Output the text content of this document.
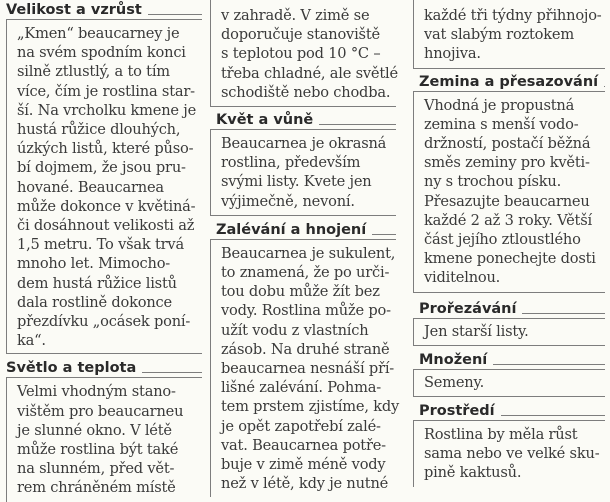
Velikost a vzrůst
„Kmen“ beaucarney je
na svém spodním konci
silně ztlustlý, a to tím
více, čím je rostlina star-
ší. Na vrcholku kmene je
hustá růžice dlouhých,
úzkých listů, které půso-
bí dojmem, že jsou pru-
hované. Beaucarnea
může dokonce v květiná-
či dosáhnout velikosti až
1,5 metru. To však trvá
mnoho let. Mimocho-
dem hustá růžice listů
dala rostlině dokonce
přezdívku „ocásek poní-
ka“.
Světlo a teplota
Velmi vhodným stano-
vištěm pro beaucarneu
je slunné okno. V létě
může rostlina být také
na slunném, před vět-
rem chráněném místě
v zahradě. V zimě se
doporučuje stanoviště
s teplotou pod 10 °C –
třeba chladné, ale světlé
schodiště nebo chodba.
Květ a vůně
Beaucarnea je okrasná
rostlina, především
svými listy. Kvete jen
výjimečně, nevoní.
Zalévání a hnojení
Beaucarnea je sukulent,
to znamená, že po urči-
tou dobu může žít bez
vody. Rostlina může po-
užít vodu z vlastních
zásob. Na druhé straně
beaucarnea nesnáší pří-
lišné zalévání. Pohma-
tem prstem zjistíme, kdy
je opět zapotřebí zalé-
vat. Beaucarnea potře-
buje v zimě méně vody
než v létě, kdy je nutné
každé tři týdny přihnojo-
vat slabým roztokem
hnojiva.
Zemina a přesazování
Vhodná je propustná
zemina s menší vodo-
držností, postačí běžná
směs zeminy pro květi-
ny s trochou písku.
Přesazujte beaucarneu
každé 2 až 3 roky. Větší
část jejího ztloustlého
kmene ponechejte dosti
viditelnou.
Prořezávání
Jen starší listy.
Množení
Semeny.
Prostředí
Rostlina by měla růst
sama nebo ve velké sku-
pině kaktusů.
